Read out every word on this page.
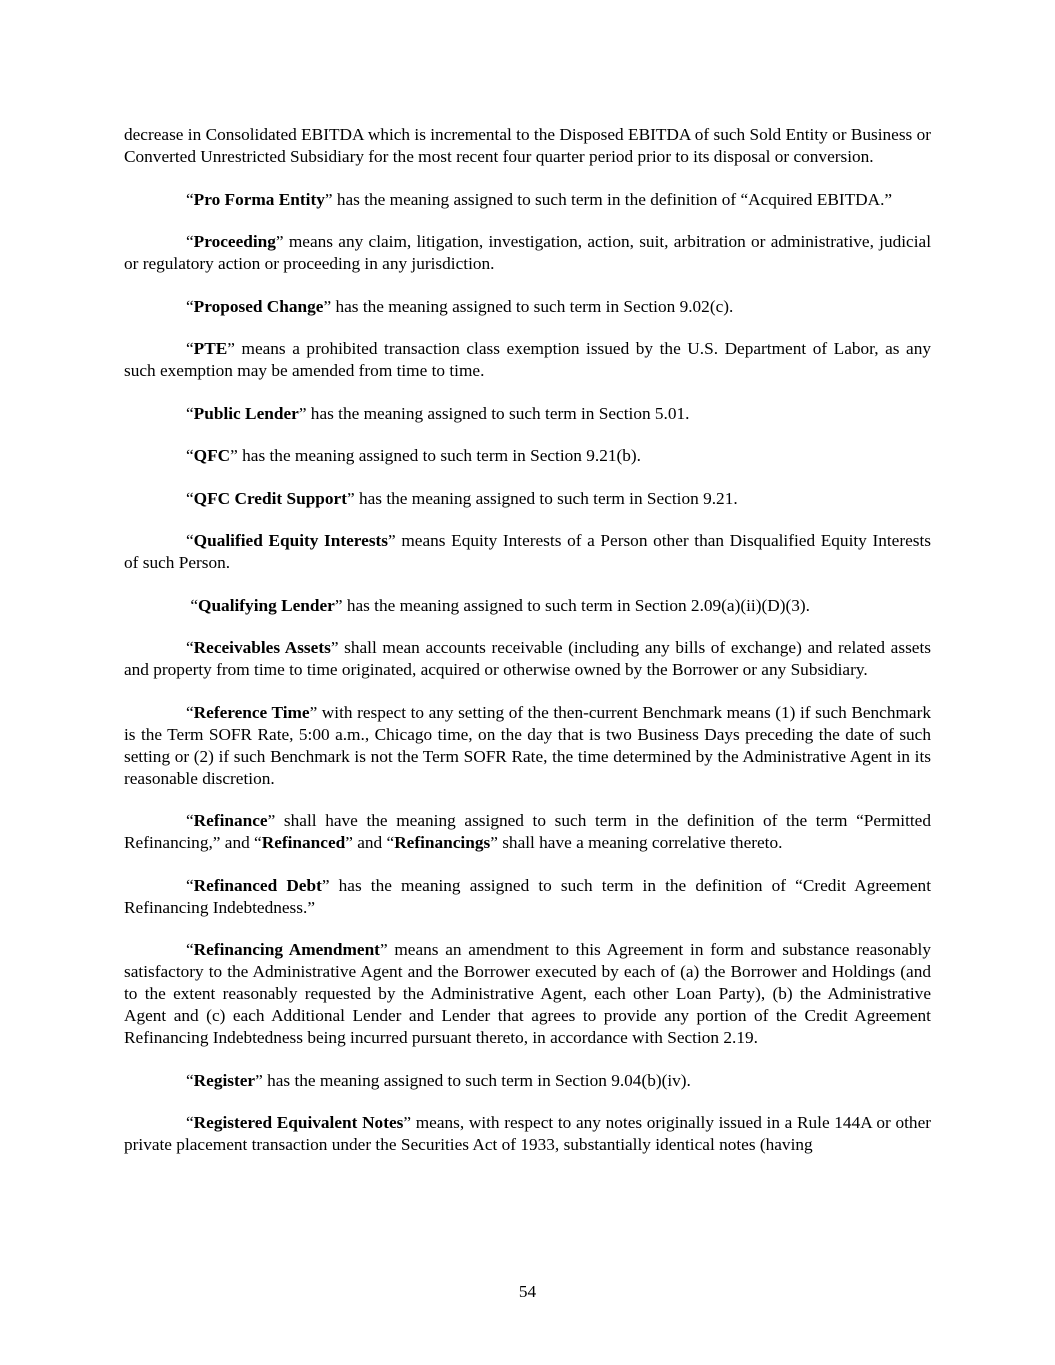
decrease in Consolidated EBITDA which is incremental to the Disposed EBITDA of such Sold Entity or Business or Converted Unrestricted Subsidiary for the most recent four quarter period prior to its disposal or conversion.

“Pro Forma Entity” has the meaning assigned to such term in the definition of “Acquired EBITDA.”

“Proceeding” means any claim, litigation, investigation, action, suit, arbitration or administrative, judicial or regulatory action or proceeding in any jurisdiction.

“Proposed Change” has the meaning assigned to such term in Section 9.02(c).

“PTE” means a prohibited transaction class exemption issued by the U.S. Department of Labor, as any such exemption may be amended from time to time.

“Public Lender” has the meaning assigned to such term in Section 5.01.

“QFC” has the meaning assigned to such term in Section 9.21(b).

“QFC Credit Support” has the meaning assigned to such term in Section 9.21.

“Qualified Equity Interests” means Equity Interests of a Person other than Disqualified Equity Interests of such Person.

“Qualifying Lender” has the meaning assigned to such term in Section 2.09(a)(ii)(D)(3).

“Receivables Assets” shall mean accounts receivable (including any bills of exchange) and related assets and property from time to time originated, acquired or otherwise owned by the Borrower or any Subsidiary.

“Reference Time” with respect to any setting of the then-current Benchmark means (1) if such Benchmark is the Term SOFR Rate, 5:00 a.m., Chicago time, on the day that is two Business Days preceding the date of such setting or (2) if such Benchmark is not the Term SOFR Rate, the time determined by the Administrative Agent in its reasonable discretion.

“Refinance” shall have the meaning assigned to such term in the definition of the term “Permitted Refinancing,” and “Refinanced” and “Refinancings” shall have a meaning correlative thereto.

“Refinanced Debt” has the meaning assigned to such term in the definition of “Credit Agreement Refinancing Indebtedness.”

“Refinancing Amendment” means an amendment to this Agreement in form and substance reasonably satisfactory to the Administrative Agent and the Borrower executed by each of (a) the Borrower and Holdings (and to the extent reasonably requested by the Administrative Agent, each other Loan Party), (b) the Administrative Agent and (c) each Additional Lender and Lender that agrees to provide any portion of the Credit Agreement Refinancing Indebtedness being incurred pursuant thereto, in accordance with Section 2.19.

“Register” has the meaning assigned to such term in Section 9.04(b)(iv).

“Registered Equivalent Notes” means, with respect to any notes originally issued in a Rule 144A or other private placement transaction under the Securities Act of 1933, substantially identical notes (having

54
